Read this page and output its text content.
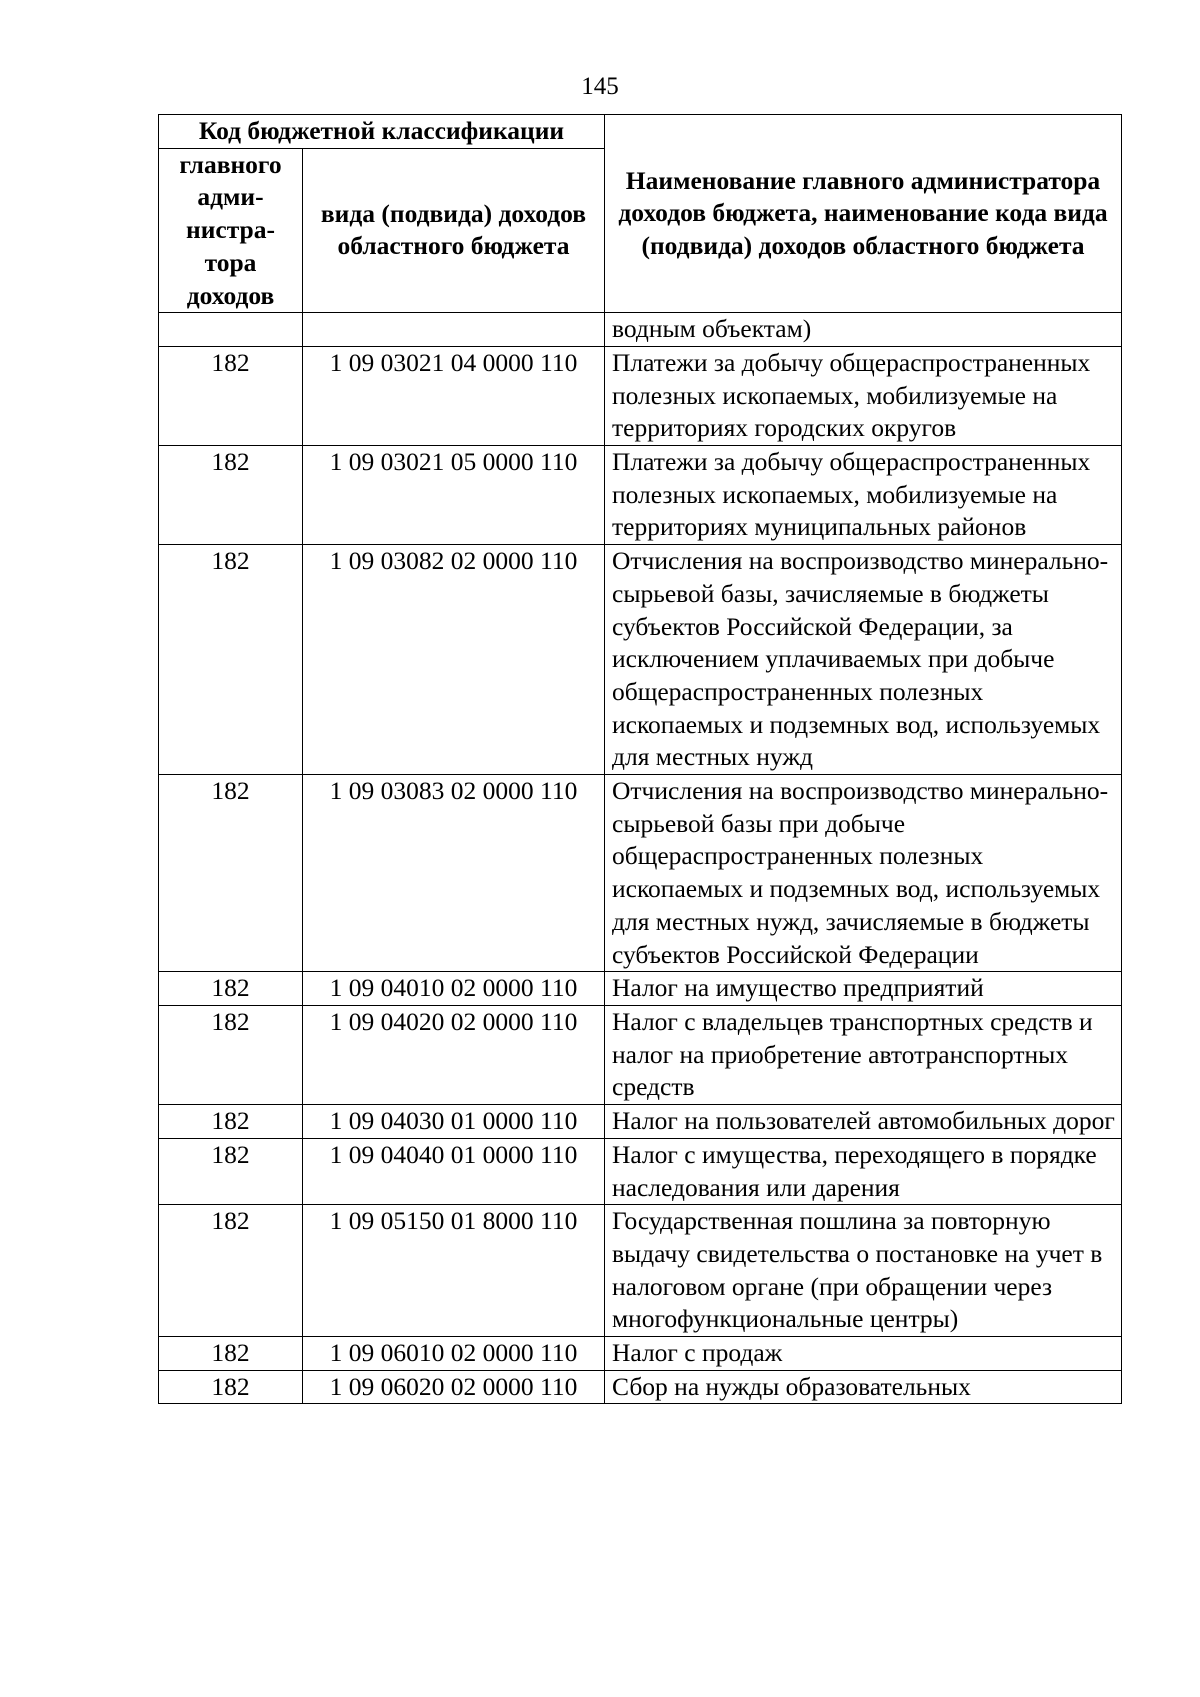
145
Код бюджетной классификации		Наименование главного администратора доходов бюджета, наименование кода вида (подвида) доходов областного бюджета
главного адми-нистра-тора доходов	вида (подвида) доходов областного бюджета	
		водным объектам)
182	1 09 03021 04 0000 110	Платежи за добычу общераспространенных полезных ископаемых, мобилизуемые на территориях городских округов
182	1 09 03021 05 0000 110	Платежи за добычу общераспространенных полезных ископаемых, мобилизуемые на территориях муниципальных районов
182	1 09 03082 02 0000 110	Отчисления на воспроизводство минерально-сырьевой базы, зачисляемые в бюджеты субъектов Российской Федерации, за исключением уплачиваемых при добыче общераспространенных полезных ископаемых и подземных вод, используемых для местных нужд
182	1 09 03083 02 0000 110	Отчисления на воспроизводство минерально-сырьевой базы при добыче общераспространенных полезных ископаемых и подземных вод, используемых для местных нужд, зачисляемые в бюджеты субъектов Российской Федерации
182	1 09 04010 02 0000 110	Налог на имущество предприятий
182	1 09 04020 02 0000 110	Налог с владельцев транспортных средств и налог на приобретение автотранспортных средств
182	1 09 04030 01 0000 110	Налог на пользователей автомобильных дорог
182	1 09 04040 01 0000 110	Налог с имущества, переходящего в порядке наследования или дарения
182	1 09 05150 01 8000 110	Государственная пошлина за повторную выдачу свидетельства о постановке на учет в налоговом органе (при обращении через многофункциональные центры)
182	1 09 06010 02 0000 110	Налог с продаж
182	1 09 06020 02 0000 110	Сбор на нужды образовательных
